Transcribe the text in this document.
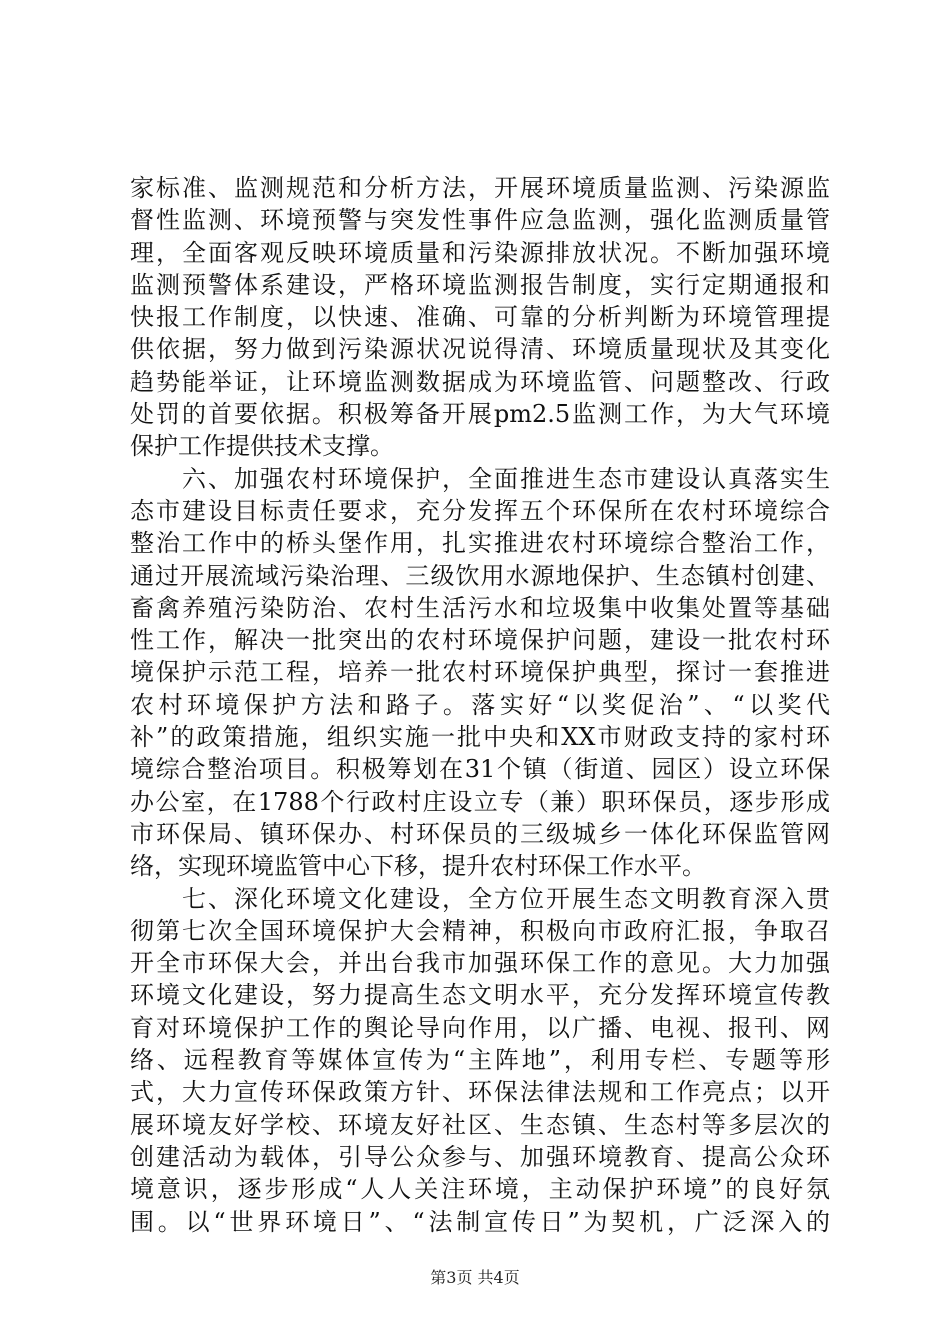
家标准、监测规范和分析方法，开展环境质量监测、污染源监
督性监测、环境预警与突发性事件应急监测，强化监测质量管
理，全面客观反映环境质量和污染源排放状况。不断加强环境
监测预警体系建设，严格环境监测报告制度，实行定期通报和
快报工作制度，以快速、准确、可靠的分析判断为环境管理提
供依据，努力做到污染源状况说得清、环境质量现状及其变化
趋势能举证，让环境监测数据成为环境监管、问题整改、行政
处罚的首要依据。积极筹备开展pm2.5监测工作，为大气环境
保护工作提供技术支撑。
　　六、加强农村环境保护，全面推进生态市建设认真落实生
态市建设目标责任要求，充分发挥五个环保所在农村环境综合
整治工作中的桥头堡作用，扎实推进农村环境综合整治工作，
通过开展流域污染治理、三级饮用水源地保护、生态镇村创建、
畜禽养殖污染防治、农村生活污水和垃圾集中收集处置等基础
性工作，解决一批突出的农村环境保护问题，建设一批农村环
境保护示范工程，培养一批农村环境保护典型，探讨一套推进
农村环境保护方法和路子。落实好“以奖促治”、“以奖代
补”的政策措施，组织实施一批中央和XX市财政支持的家村环
境综合整治项目。积极筹划在31个镇（街道、园区）设立环保
办公室，在1788个行政村庄设立专（兼）职环保员，逐步形成
市环保局、镇环保办、村环保员的三级城乡一体化环保监管网
络，实现环境监管中心下移，提升农村环保工作水平。
　　七、深化环境文化建设，全方位开展生态文明教育深入贯
彻第七次全国环境保护大会精神，积极向市政府汇报，争取召
开全市环保大会，并出台我市加强环保工作的意见。大力加强
环境文化建设，努力提高生态文明水平，充分发挥环境宣传教
育对环境保护工作的舆论导向作用，以广播、电视、报刊、网
络、远程教育等媒体宣传为“主阵地”，利用专栏、专题等形
式，大力宣传环保政策方针、环保法律法规和工作亮点；以开
展环境友好学校、环境友好社区、生态镇、生态村等多层次的
创建活动为载体，引导公众参与、加强环境教育、提高公众环
境意识，逐步形成“人人关注环境，主动保护环境”的良好氛
围。以“世界环境日”、“法制宣传日”为契机，广泛深入的
第3页 共4页
